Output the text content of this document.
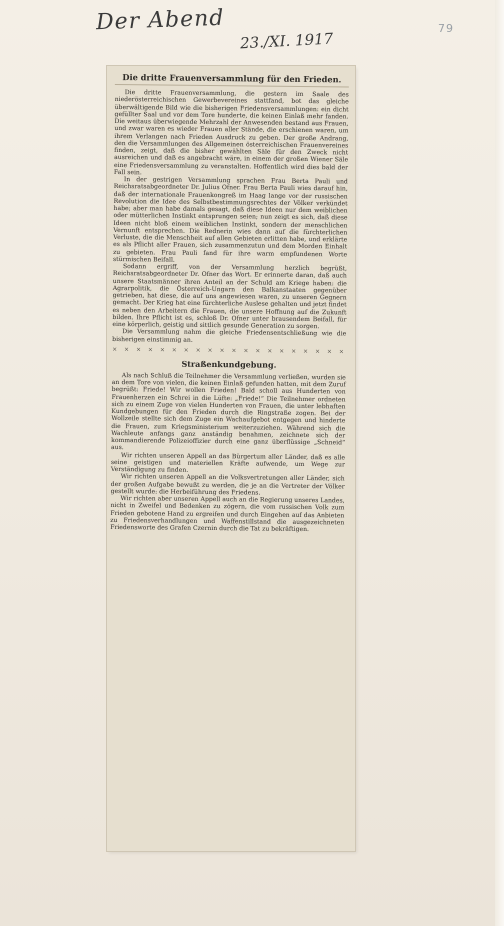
Der Abend
23./XI. 1917
79
Die dritte Frauenversammlung für den Frieden.

Die dritte Frauenversammlung, die gestern im Saale des niederösterreichischen Gewerbevereines stattfand, bot das gleiche überwältigende Bild wie die bisherigen Friedensversammlungen: ein dicht gefüllter Saal und vor dem Tore hunderte, die keinen Einlaß mehr fanden. Die weitaus überwiegende Mehrzahl der Anwesenden bestand aus Frauen, und zwar waren es wieder Frauen aller Stände, die erschienen waren, um ihrem Verlangen nach Frieden Ausdruck zu geben. Der große Andrang, den die Versammlungen des Allgemeinen österreichischen Frauenvereines finden, zeigt, daß die bisher gewählten Säle für den Zweck nicht ausreichen und daß es angebracht wäre, in einem der großen Wiener Säle eine Friedensversammlung zu veranstalten. Hoffentlich wird dies bald der Fall sein.

In der gestrigen Versammlung sprachen Frau Berta Pauli und Reichsratsabgeordneter Dr. Julius Ofner. Frau Berta Pauli wies darauf hin, daß der internationale Frauenkongreß im Haag lange vor der russischen Revolution die Idee des Selbstbestimmungsrechtes der Völker verkündet habe; aber man habe damals gesagt, daß diese Ideen nur dem weiblichen oder mütterlichen Instinkt entsprungen seien; nun zeigt es sich, daß diese Ideen nicht bloß einem weiblichen Instinkt, sondern der menschlichen Vernunft entsprechen. Die Rednerin wies dann auf die fürchterlichen Verluste, die die Menschheit auf allen Gebieten erlitten habe, und erklärte es als Pflicht aller Frauen, sich zusammenzutun und dem Morden Einhalt zu gebieten. Frau Pauli fand für ihre warm empfundenen Worte stürmischen Beifall.

Sodann ergriff, von der Versammlung herzlich begrüßt, Reichsratsabgeordneter Dr. Ofner das Wort. Er erinnerte daran, daß auch unsere Staatsmänner ihren Anteil an der Schuld am Kriege haben: die Agrarpolitik, die Österreich-Ungarn den Balkanstaaten gegenüber getrieben, hat diese, die auf uns angewiesen waren, zu unseren Gegnern gemacht. Der Krieg hat eine fürchterliche Auslese gehalten und jetzt findet es neben den Arbeitern die Frauen, die unsere Hoffnung auf die Zukunft bilden. Ihre Pflicht ist es, schloß Dr. Ofner unter brausendem Beifall, für eine körperlich, geistig und sittlich gesunde Generation zu sorgen.

Die Versammlung nahm die gleiche Friedensentschließung wie die bisherigen einstimmig an.

× × × × × × × × × × × × × × × × × × × ×
Straßenkundgebung.

Als nach Schluß die Teilnehmer die Versammlung verließen, wurden sie an dem Tore von vielen, die keinen Einlaß gefunden hatten, mit dem Zuruf begrüßt: Friede! Wir wollen Frieden! Bald scholl aus Hunderten von Frauenherzen ein Schrei in die Lüfte: „Friede!“ Die Teilnehmer ordneten sich zu einem Zuge von vielen Hunderten von Frauen, die unter lebhaften Kundgebungen für den Frieden durch die Ringstraße zogen. Bei der Wollzeile stellte sich dem Zuge ein Wachaufgebot entgegen und hinderte die Frauen, zum Kriegsministerium weiterzuziehen. Während sich die Wachleute anfangs ganz anständig benahmen, zeichnete sich der kommandierende Polizeioffizier durch eine ganz überflüssige „Schneid“ aus.

Wir richten unseren Appell an das Bürgertum aller Länder, daß es alle seine geistigen und materiellen Kräfte aufwende, um Wege zur Verständigung zu finden.

Wir richten unseren Appell an die Volksvertretungen aller Länder, sich der großen Aufgabe bewußt zu werden, die je an die Vertreter der Völker gestellt wurde: die Herbeiführung des Friedens.

Wir richten aber unseren Appell auch an die Regierung unseres Landes, nicht in Zweifel und Bedenken zu zögern, die vom russischen Volk zum Frieden gebotene Hand zu ergreifen und durch Eingehen auf das Anbieten zu Friedensverhandlungen und Waffenstillstand die ausgezeichneten Friedensworte des Grafen Czernin durch die Tat zu bekräftigen.
